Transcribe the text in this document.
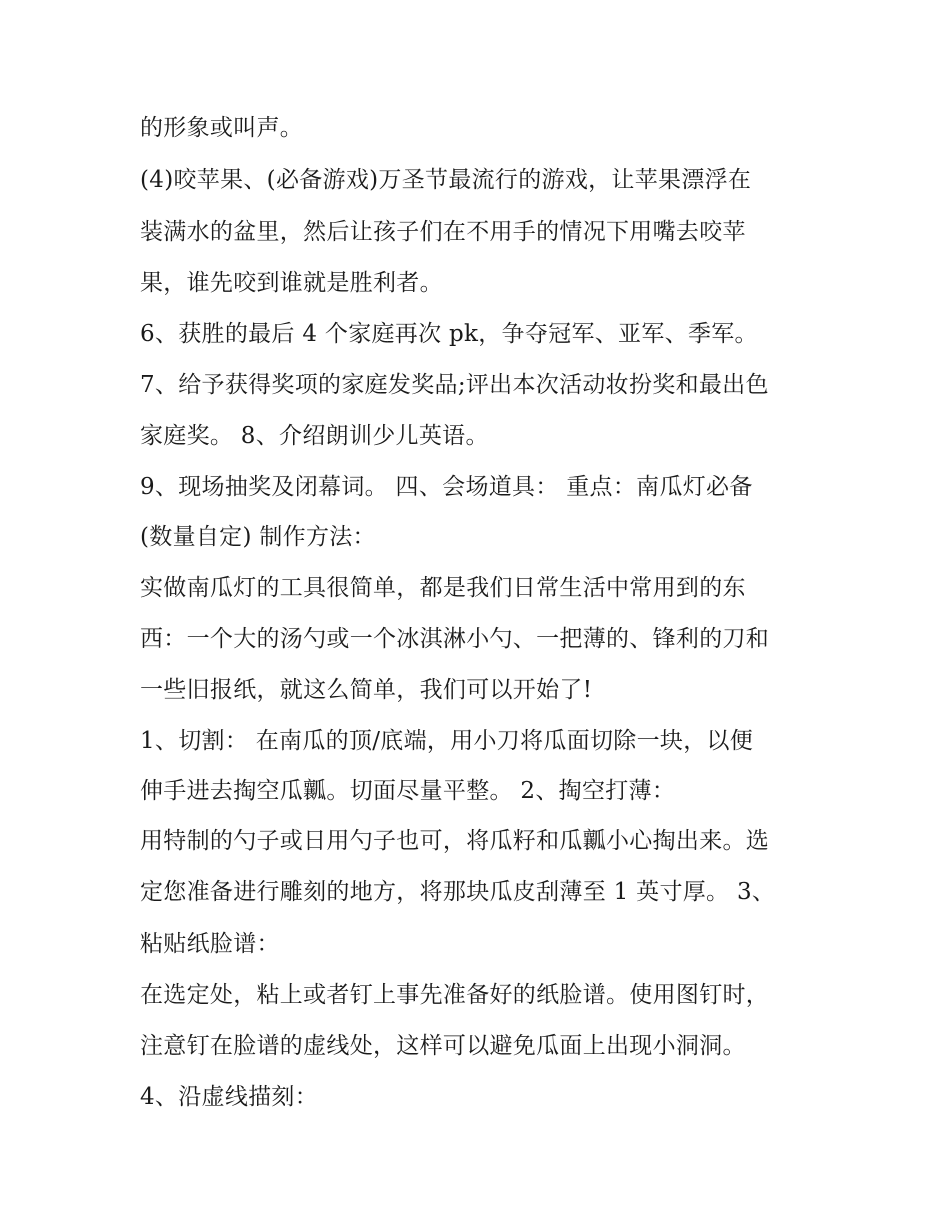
的形象或叫声。
(4)咬苹果、(必备游戏)万圣节最流行的游戏，让苹果漂浮在
装满水的盆里，然后让孩子们在不用手的情况下用嘴去咬苹
果，谁先咬到谁就是胜利者。
6、获胜的最后 4 个家庭再次 pk，争夺冠军、亚军、季军。
7、给予获得奖项的家庭发奖品;评出本次活动妆扮奖和最出色
家庭奖。 8、介绍朗训少儿英语。
9、现场抽奖及闭幕词。 四、会场道具： 重点：南瓜灯必备
(数量自定) 制作方法：
实做南瓜灯的工具很简单，都是我们日常生活中常用到的东
西：一个大的汤勺或一个冰淇淋小勺、一把薄的、锋利的刀和
一些旧报纸，就这么简单，我们可以开始了!
1、切割： 在南瓜的顶/底端，用小刀将瓜面切除一块，以便
伸手进去掏空瓜瓤。切面尽量平整。 2、掏空打薄：
用特制的勺子或日用勺子也可，将瓜籽和瓜瓤小心掏出来。选
定您准备进行雕刻的地方，将那块瓜皮刮薄至 1 英寸厚。 3、
粘贴纸脸谱：
在选定处，粘上或者钉上事先准备好的纸脸谱。使用图钉时，
注意钉在脸谱的虚线处，这样可以避免瓜面上出现小洞洞。
4、沿虚线描刻：
